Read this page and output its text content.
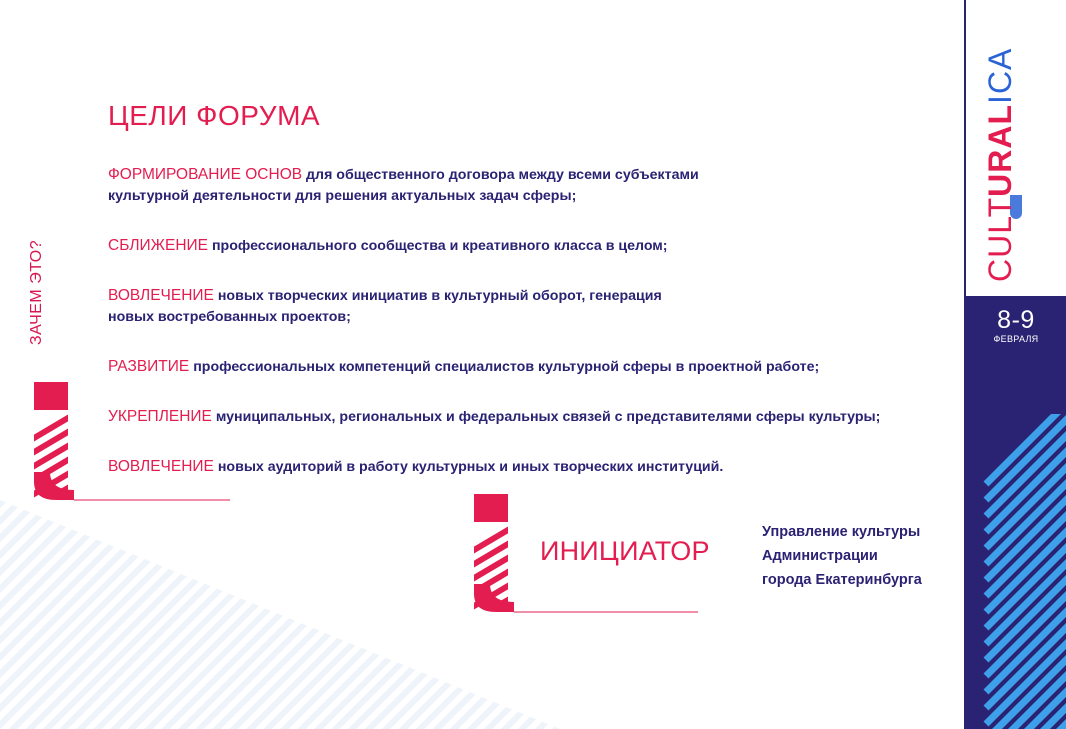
ЗАЧЕМ ЭТО?
ЦЕЛИ ФОРУМА

ФОРМИРОВАНИЕ ОСНОВ для общественного договора между всеми субъектами
культурной деятельности для решения актуальных задач сферы;

СБЛИЖЕНИЕ профессионального сообщества и креативного класса в целом;

ВОВЛЕЧЕНИЕ новых творческих инициатив в культурный оборот, генерация
новых востребованных проектов;

РАЗВИТИЕ профессиональных компетенций специалистов культурной сферы в проектной работе;

УКРЕПЛЕНИЕ муниципальных, региональных и федеральных связей с представителями сферы культуры;

ВОВЛЕЧЕНИЕ новых аудиторий в работу культурных и иных творческих институций.

ИНИЦИАТОР
Управление культуры
Администрации
города Екатеринбурга
CULTURALICA
8-9
ФЕВРАЛЯ
